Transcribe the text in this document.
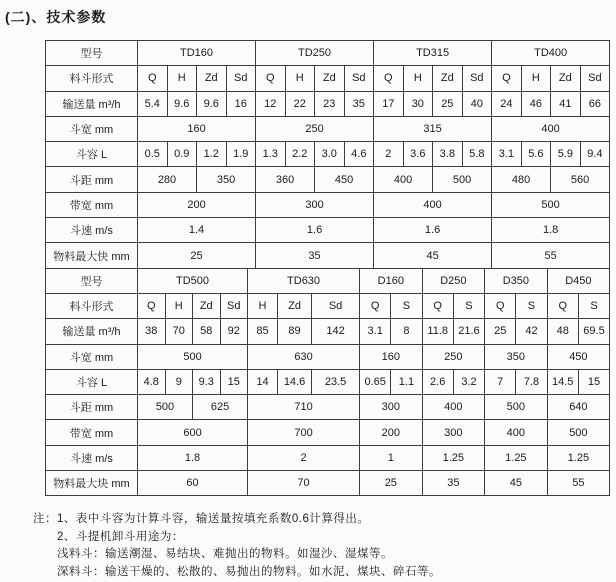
(二)、技术参数
型号	TD160				TD250				TD315				TD400			
料斗形式	Q	H	Zd	Sd	Q	H	Zd	Sd	Q	H	Zd	Sd	Q	H	Zd	Sd
输送量 m³/h	5.4	9.6	9.6	16	12	22	23	35	17	30	25	40	24	46	41	66
斗宽 mm	160				250				315				400			
斗容 L	0.5	0.9	1.2	1.9	1.3	2.2	3.0	4.6	2	3.6	3.8	5.8	3.1	5.6	5.9	9.4
斗距 mm	280		350		360		450		400		500		480		560	
带宽 mm	200				300				400				500			
斗速 m/s	1.4				1.6				1.6				1.8			
物料最大快 mm	25				35				45				55			
型号	TD500				TD630			D160		D250		D350		D450	
料斗形式	Q	H	Zd	Sd	H	Zd	Sd	Q	S	Q	S	Q	S	Q	S
输送量 m³/h	38	70	58	92	85	89	142	3.1	8	11.8	21.6	25	42	48	69.5
斗宽 mm	500				630			160		250		350		450	
斗容 L	4.8	9	9.3	15	14	14.6	23.5	0.65	1.1	2.6	3.2	7	7.8	14.5	15
斗距 mm	500		625		710			300		400		500		640	
带宽 mm	600				700			200		300		400		500	
斗速 m/s	1.8				2			1		1.25		1.25		1.25	
物料最大块 mm	60				70			25		35		45		55	
注：1、表中斗容为计算斗容，输送量按填充系数0.6计算得出。
2、斗提机卸斗用途为：
浅料斗：输送潮湿、易结块、难抛出的物料。如湿沙、湿煤等。
深料斗：输送干燥的、松散的、易抛出的物料。如水泥、煤块、碎石等。
